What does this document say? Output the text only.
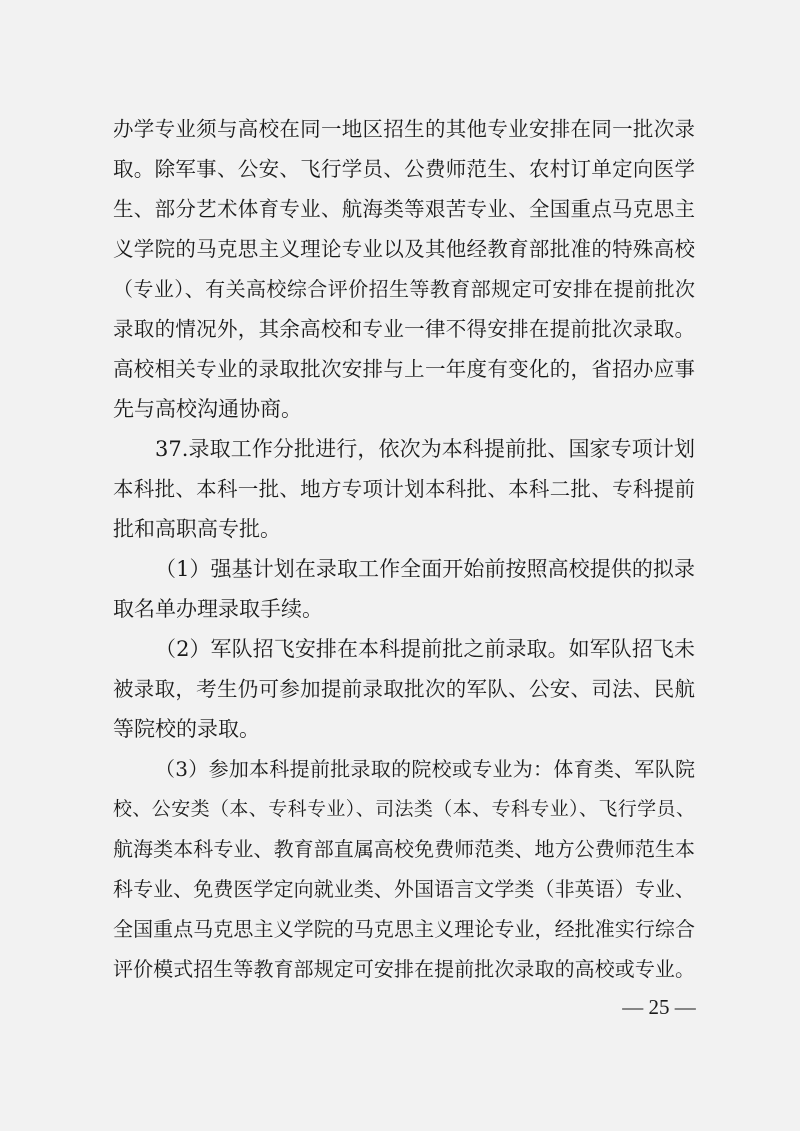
办学专业须与高校在同一地区招生的其他专业安排在同一批次录
取。除军事、公安、飞行学员、公费师范生、农村订单定向医学
生、部分艺术体育专业、航海类等艰苦专业、全国重点马克思主
义学院的马克思主义理论专业以及其他经教育部批准的特殊高校
（专业）、有关高校综合评价招生等教育部规定可安排在提前批次
录取的情况外，其余高校和专业一律不得安排在提前批次录取。
高校相关专业的录取批次安排与上一年度有变化的，省招办应事
先与高校沟通协商。
37.录取工作分批进行，依次为本科提前批、国家专项计划
本科批、本科一批、地方专项计划本科批、本科二批、专科提前
批和高职高专批。
（1）强基计划在录取工作全面开始前按照高校提供的拟录
取名单办理录取手续。
（2）军队招飞安排在本科提前批之前录取。如军队招飞未
被录取，考生仍可参加提前录取批次的军队、公安、司法、民航
等院校的录取。
（3）参加本科提前批录取的院校或专业为：体育类、军队院
校、公安类（本、专科专业）、司法类（本、专科专业）、飞行学员、
航海类本科专业、教育部直属高校免费师范类、地方公费师范生本
科专业、免费医学定向就业类、外国语言文学类（非英语）专业、
全国重点马克思主义学院的马克思主义理论专业，经批准实行综合
评价模式招生等教育部规定可安排在提前批次录取的高校或专业。
— 25 —
